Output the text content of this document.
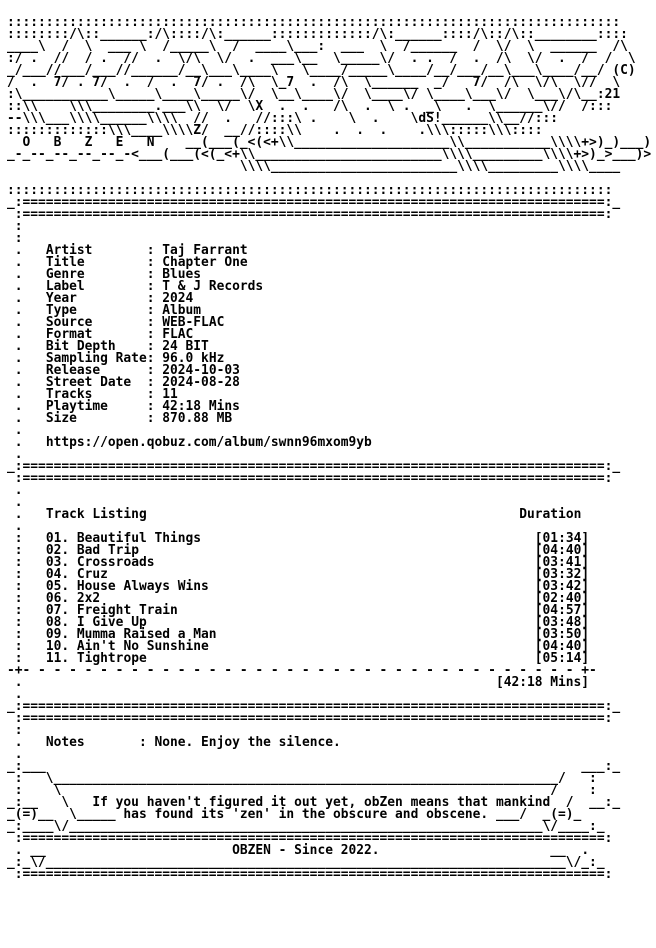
:::::::::::::::::::::::::::::::::::::::::::::::::::::::::::::::::::::::::::::::
::::::::/\::______:/\::::/\:______:::::::::::::/\:______::::/\::/\::________::::
____\  /  \  ___ \  /_____\  /  ____\___:  ___  \  /______  /  \/  \  ______  /\
:/ .  //  / .  //  .  \/\  \/  .  ___\__  \_____\/  . .  /  .  /\  \/  .  /  /  \
_/___//___/___//______/__\___\____\   \____/_____\____/__/___/__\___\____/__/ (C)
/  .  7/ . 7/  .  /  .  7/ .  /\  \_7  .  /\  \______  _/   7/  /\  \/\  \//  \
:\___________\_____\____\_____\/  \__\____\/  \____\/ \____\___\/  \___\/\__:21
::\\    \\\________.___\\  \/  \X  .  .   /\  .  \ .  _\   .  \______\//  /:::
--\\\___\\\\______\\\\  //  .   //:::\ .    \  .    \dS!______\\__//:::
:::::::::::::\\\____\\\\Z/  __//::::\\    .  .  .    .\\\:::::\\\::::
O   B   Z   E   N    __(___(_<(<+\\____________________\\___________\\\\+>)_)___)
_-_--_--_--_--_-<___(___(<(_<+\\________________________\\\\_________\\\\+>)_>___)>
\\\\________________________\\\\_________\\\\____

::::::::::::::::::::::::::::::::::::::::::::::::::::::::::::::::::::::::::::::
_:===========================================================================:_
:===========================================================================:
:
:
.   Artist       : Taj Farrant
.   Title        : Chapter One
.   Genre        : Blues
.   Label        : T & J Records
.   Year         : 2024
.   Type         : Album
.   Source       : WEB-FLAC
.   Format       : FLAC
.   Bit Depth    : 24 BIT
.   Sampling Rate: 96.0 kHz
.   Release      : 2024-10-03
.   Street Date  : 2024-08-28
.   Tracks       : 11
.   Playtime     : 42:18 Mins
.   Size         : 870.88 MB
.
.   https://open.qobuz.com/album/swnn96mxom9yb
.
_:===========================================================================:_
:===========================================================================:
.
.
.   Track Listing	Duration
.
:   01. Beautiful Things	[01:34]
:   02. Bad Trip	[04:40]
:   03. Crossroads	[03:41]
:   04. Cruz	[03:32]
:   05. House Always Wins	[03:42]
:   06. 2x2	[02:40]
:   07. Freight Train	[04:57]
:   08. I Give Up	[03:48]
:   09. Mumma Raised a Man	[03:50]
:   10. Ain't No Sunshine	[04:40]
:   11. Tightrope	[05:14]
-+- - - - - - - - - - - - - - - - - - - - - - - - - - - - - - - - - - - - +-
.                                                             [42:18 Mins]
.
_:===========================================================================:_
:===========================================================================:
:
.   Notes       : None. Enjoy the silence.
.
_:___                                                                     ___:_
:   \_________________________________________________________________/   :
:    \                                                               /    :
_:__   \   If you haven't figured it out yet, obZen means that mankind  /  __:_
_(=)__  \_____ has found its 'zen' in the obscure and obscene. ___/  _(=)_
_:____\/_____________________________________________________________\/____:_
:===========================================================================:
. __                        OBZEN - Since 2022.                      __  .
_:_\/___________________________________________________________________\/_:_
:===========================================================================:
